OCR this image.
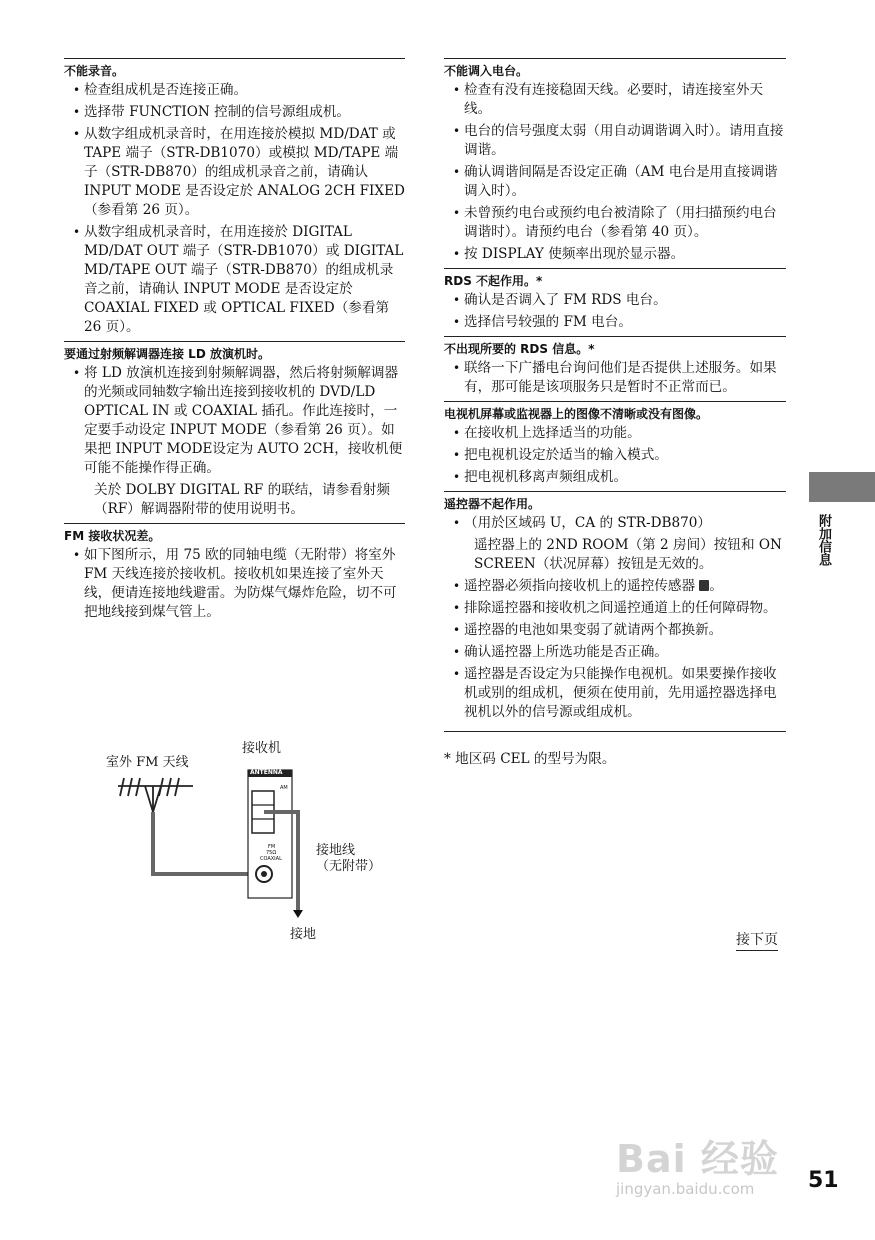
不能录音。

• 检查组成机是否连接正确。
• 选择带 FUNCTION 控制的信号源组成机。
• 从数字组成机录音时，在用连接於模拟 MD/DAT 或 TAPE 端子（STR-DB1070）或模拟 MD/TAPE 端子（STR-DB870）的组成机录音之前，请确认 INPUT MODE 是否设定於 ANALOG 2CH FIXED（参看第 26 页）。
• 从数字组成机录音时，在用连接於 DIGITAL MD/DAT OUT 端子（STR-DB1070）或 DIGITAL MD/TAPE OUT 端子（STR-DB870）的组成机录音之前，请确认 INPUT MODE 是否设定於COAXIAL FIXED 或 OPTICAL FIXED（参看第 26 页）。

要通过射频解调器连接 LD 放演机时。

• 将 LD 放演机连接到射频解调器，然后将射频解调器的光频或同轴数字输出连接到接收机的 DVD/LD OPTICAL IN 或 COAXIAL 插孔。作此连接时，一定要手动设定 INPUT MODE（参看第 26 页）。如果把 INPUT MODE设定为 AUTO 2CH，接收机便可能不能操作得正确。

关於 DOLBY DIGITAL RF 的联结，请参看射频（RF）解调器附带的使用说明书。

FM 接收状况差。

• 如下图所示，用 75 欧的同轴电缆（无附带）将室外 FM 天线连接於接收机。接收机如果连接了室外天线，便请连接地线避雷。为防煤气爆炸危险，切不可把地线接到煤气管上。
接收机
室外 FM 天线
ANTENNA
AM
FM
75Ω
COAXIAL
接地线
（无附带）
接地

不能调入电台。

• 检查有没有连接稳固天线。必要时，请连接室外天线。
• 电台的信号强度太弱（用自动调谐调入时）。请用直接调谐。
• 确认调谐间隔是否设定正确（AM 电台是用直接调谐调入时）。
• 未曾预约电台或预约电台被清除了（用扫描预约电台调谐时）。请预约电台（参看第 40 页）。
• 按 DISPLAY 使频率出现於显示器。

RDS 不起作用。*

• 确认是否调入了 FM RDS 电台。
• 选择信号较强的 FM 电台。

不出现所要的 RDS 信息。*

• 联络一下广播电台询问他们是否提供上述服务。如果有，那可能是该项服务只是暂时不正常而已。

电视机屏幕或监视器上的图像不清晰或没有图像。

• 在接收机上选择适当的功能。
• 把电视机设定於适当的输入模式。
• 把电视机移离声频组成机。

遥控器不起作用。

• （用於区域码 U，CA 的 STR-DB870）

遥控器上的 2ND ROOM（第 2 房间）按钮和 ON SCREEN（状况屏幕）按钮是无效的。

• 遥控器必须指向接收机上的遥控传感器 。
• 排除遥控器和接收机之间遥控通道上的任何障碍物。
• 遥控器的电池如果变弱了就请两个都换新。
• 确认遥控器上所选功能是否正确。
• 遥控器是否设定为只能操作电视机。如果要操作接收机或别的组成机，便须在使用前，先用遥控器选择电视机以外的信号源或组成机。

* 地区码 CEL 的型号为限。

接下页
附加信息
Bai 经验
jingyan.baidu.com 51
